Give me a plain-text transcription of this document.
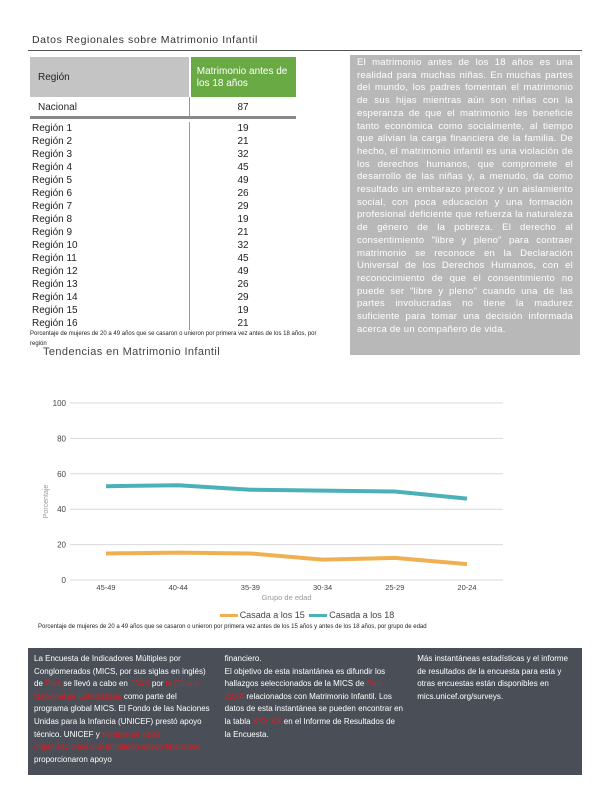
Datos Regionales sobre Matrimonio Infantil
Región	Matrimonio antes de los 18 años
Nacional	87
Región 1	19
Región 2	21
Región 3	32
Región 4	45
Región 5	49
Región 6	26
Región 7	29
Región 8	19
Región 9	21
Región 10	32
Región 11	45
Región 12	49
Región 13	26
Región 14	29
Región 15	19
Región 16	21
Porcentaje de mujeres de 20 a 49 años que se casaron o unieron por primera vez antes de los 18 años, por región
El matrimonio antes de los 18 años es una realidad para muchas niñas. En muchas partes del mundo, los padres fomentan el matrimonio de sus hijas mientras aún son niñas con la esperanza de que el matrimonio les beneficie tanto económica como socialmente, al tiempo que alivian la carga financiera de la familia. De hecho, el matrimonio infantil es una violación de los derechos humanos, que compromete el desarrollo de las niñas y, a menudo, da como resultado un embarazo precoz y un aislamiento social, con poca educación y una formación profesional deficiente que refuerza la naturaleza de género de la pobreza. El derecho al consentimiento "libre y pleno" para contraer matrimonio se reconoce en la Declaración Universal de los Derechos Humanos, con el reconocimiento de que el consentimiento no puede ser "libre y pleno" cuando una de las partes involucradas no tiene la madurez suficiente para tomar una decisión informada acerca de un compañero de vida.
Tendencias en Matrimonio Infantil
0
20
40
60
80
100
45-49	40-44	35-39	30-34	25-29	20-24
Grupo de edad
Porcentaje
Casada a los 15	Casada a los 18
Porcentaje de mujeres de 20 a 49 años que se casaron o unieron por primera vez antes de los 15 años y antes de los 18 años, por grupo de edad
La Encuesta de Indicadores Múltiples por Conglomerados (MICS, por sus siglas en inglés) de País se llevó a cabo en 20XX por la Oficina Nacional de Estadísticas como parte del programa global MICS. El Fondo de las Naciones Unidas para la Infancia (UNICEF) prestó apoyo técnico. UNICEF y nombre de otras organizaciones que brindaron apoyo financiero proporcionaron apoyo
financiero.
El objetivo de esta instantánea es difundir los hallazgos seleccionados de la MICS de País 20XX relacionados con Matrimonio Infantil. Los datos de esta instantánea se pueden encontrar en la tabla XXX.XX en el Informe de Resultados de la Encuesta.
Más instantáneas estadísticas y el informe de resultados de la encuesta para esta y otras encuestas están disponibles en mics.unicef.org/surveys.
